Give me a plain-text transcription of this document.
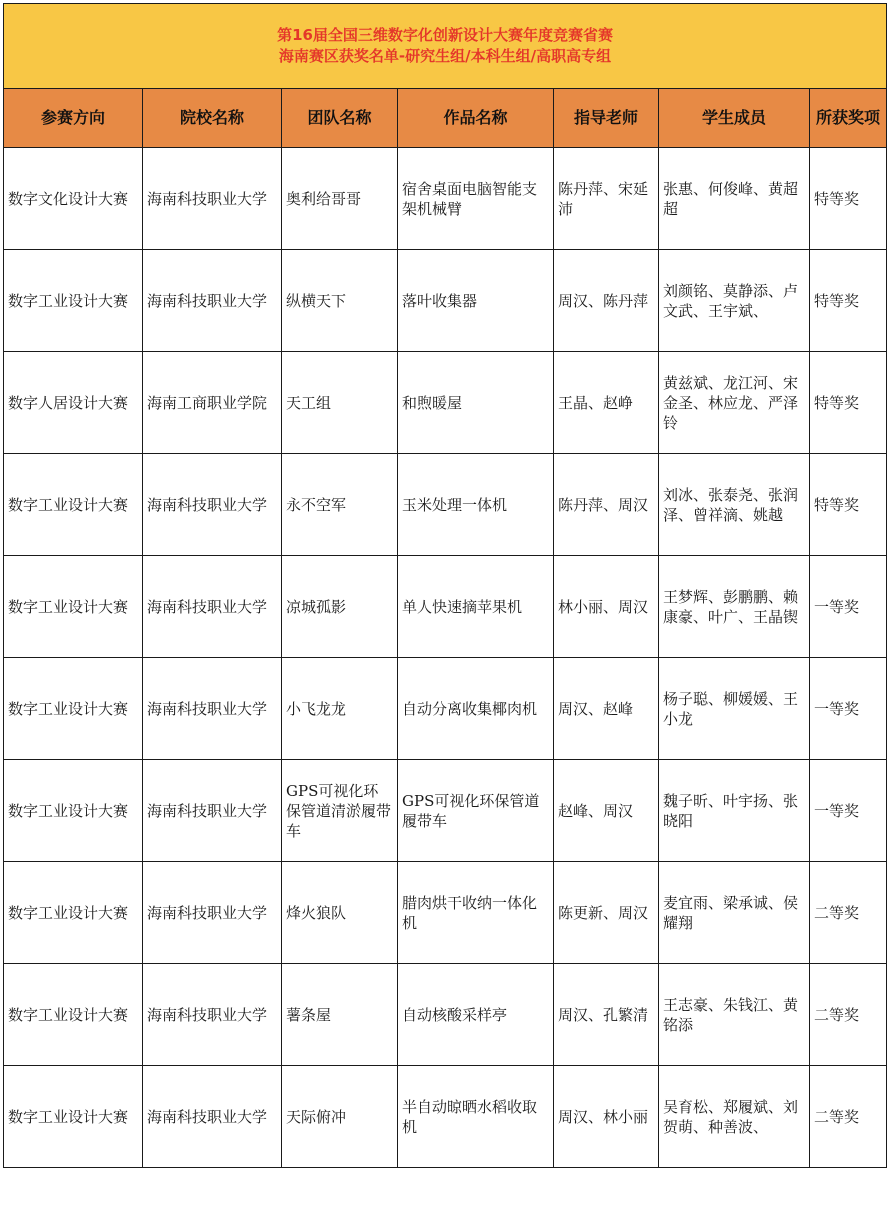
第16届全国三维数字化创新设计大赛年度竞赛省赛
海南赛区获奖名单-研究生组/本科生组/高职高专组						

参赛方向	院校名称	团队名称	作品名称	指导老师	学生成员	所获奖项
数字文化设计大赛	海南科技职业大学	奥利给哥哥	宿舍桌面电脑智能支架机械臂	陈丹萍、宋延沛	张惠、何俊峰、黄超超	特等奖
数字工业设计大赛	海南科技职业大学	纵横天下	落叶收集器	周汉、陈丹萍	刘颜铭、莫静添、卢文武、王宇斌、	特等奖
数字人居设计大赛	海南工商职业学院	天工组	和煦暖屋	王晶、赵峥	黄兹斌、龙江河、宋金圣、林应龙、严泽铃	特等奖
数字工业设计大赛	海南科技职业大学	永不空军	玉米处理一体机	陈丹萍、周汉	刘冰、张泰尧、张润泽、曾祥滴、姚越	特等奖
数字工业设计大赛	海南科技职业大学	凉城孤影	单人快速摘苹果机	林小丽、周汉	王梦辉、彭鹏鹏、赖康豪、叶广、王晶锲	一等奖
数字工业设计大赛	海南科技职业大学	小飞龙龙	自动分离收集椰肉机	周汉、赵峰	杨子聪、柳媛媛、王小龙	一等奖
数字工业设计大赛	海南科技职业大学	GPS可视化环保管道清淤履带车	GPS可视化环保管道履带车	赵峰、周汉	魏子昕、叶宇扬、张晓阳	一等奖
数字工业设计大赛	海南科技职业大学	烽火狼队	腊肉烘干收纳一体化机	陈更新、周汉	麦宜雨、梁承诚、侯耀翔	二等奖
数字工业设计大赛	海南科技职业大学	薯条屋	自动核酸采样亭	周汉、孔繁清	王志豪、朱钱江、黄铭添	二等奖
数字工业设计大赛	海南科技职业大学	天际俯冲	半自动晾晒水稻收取机	周汉、林小丽	吴育松、郑履斌、刘贺萌、种善波、	二等奖
